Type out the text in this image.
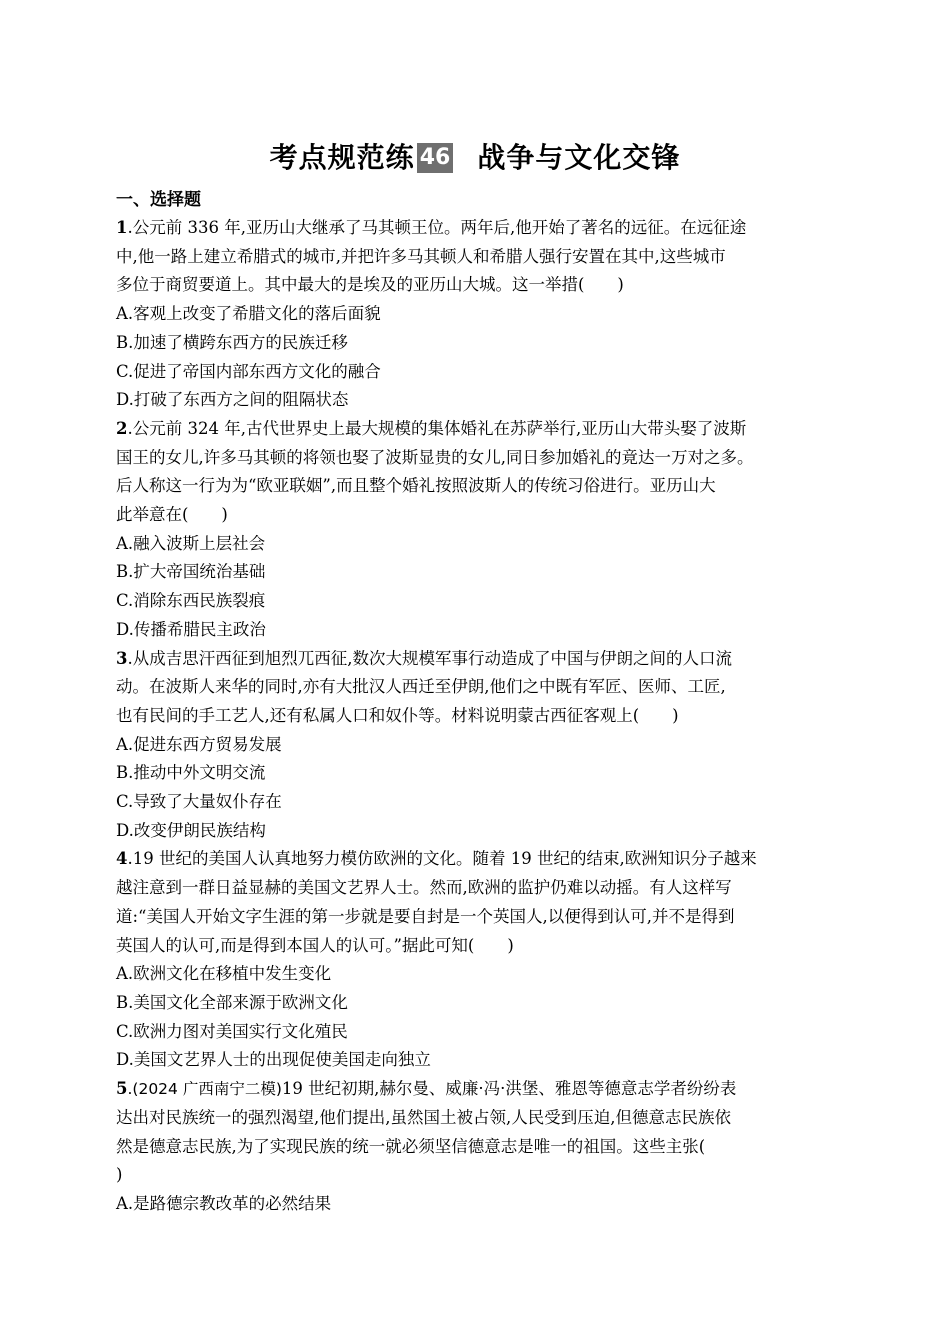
考点规范练 46 战争与文化交锋
一、选择题
1.公元前 336 年,亚历山大继承了马其顿王位。两年后,他开始了著名的远征。在远征途
中,他一路上建立希腊式的城市,并把许多马其顿人和希腊人强行安置在其中,这些城市
多位于商贸要道上。其中最大的是埃及的亚历山大城。这一举措(　　)
A.客观上改变了希腊文化的落后面貌
B.加速了横跨东西方的民族迁移
C.促进了帝国内部东西方文化的融合
D.打破了东西方之间的阻隔状态
2.公元前 324 年,古代世界史上最大规模的集体婚礼在苏萨举行,亚历山大带头娶了波斯
国王的女儿,许多马其顿的将领也娶了波斯显贵的女儿,同日参加婚礼的竟达一万对之多。
后人称这一行为为“欧亚联姻”,而且整个婚礼按照波斯人的传统习俗进行。亚历山大
此举意在(　　)
A.融入波斯上层社会
B.扩大帝国统治基础
C.消除东西民族裂痕
D.传播希腊民主政治
3.从成吉思汗西征到旭烈兀西征,数次大规模军事行动造成了中国与伊朗之间的人口流
动。在波斯人来华的同时,亦有大批汉人西迁至伊朗,他们之中既有军匠、医师、工匠,
也有民间的手工艺人,还有私属人口和奴仆等。材料说明蒙古西征客观上(　　)
A.促进东西方贸易发展
B.推动中外文明交流
C.导致了大量奴仆存在
D.改变伊朗民族结构
4.19 世纪的美国人认真地努力模仿欧洲的文化。随着 19 世纪的结束,欧洲知识分子越来
越注意到一群日益显赫的美国文艺界人士。然而,欧洲的监护仍难以动摇。有人这样写
道:“美国人开始文字生涯的第一步就是要自封是一个英国人,以便得到认可,并不是得到
英国人的认可,而是得到本国人的认可。”据此可知(　　)
A.欧洲文化在移植中发生变化
B.美国文化全部来源于欧洲文化
C.欧洲力图对美国实行文化殖民
D.美国文艺界人士的出现促使美国走向独立
5.(2024 广西南宁二模)19 世纪初期,赫尔曼、威廉·冯·洪堡、雅恩等德意志学者纷纷表
达出对民族统一的强烈渴望,他们提出,虽然国土被占领,人民受到压迫,但德意志民族依
然是德意志民族,为了实现民族的统一就必须坚信德意志是唯一的祖国。这些主张(
)
A.是路德宗教改革的必然结果
